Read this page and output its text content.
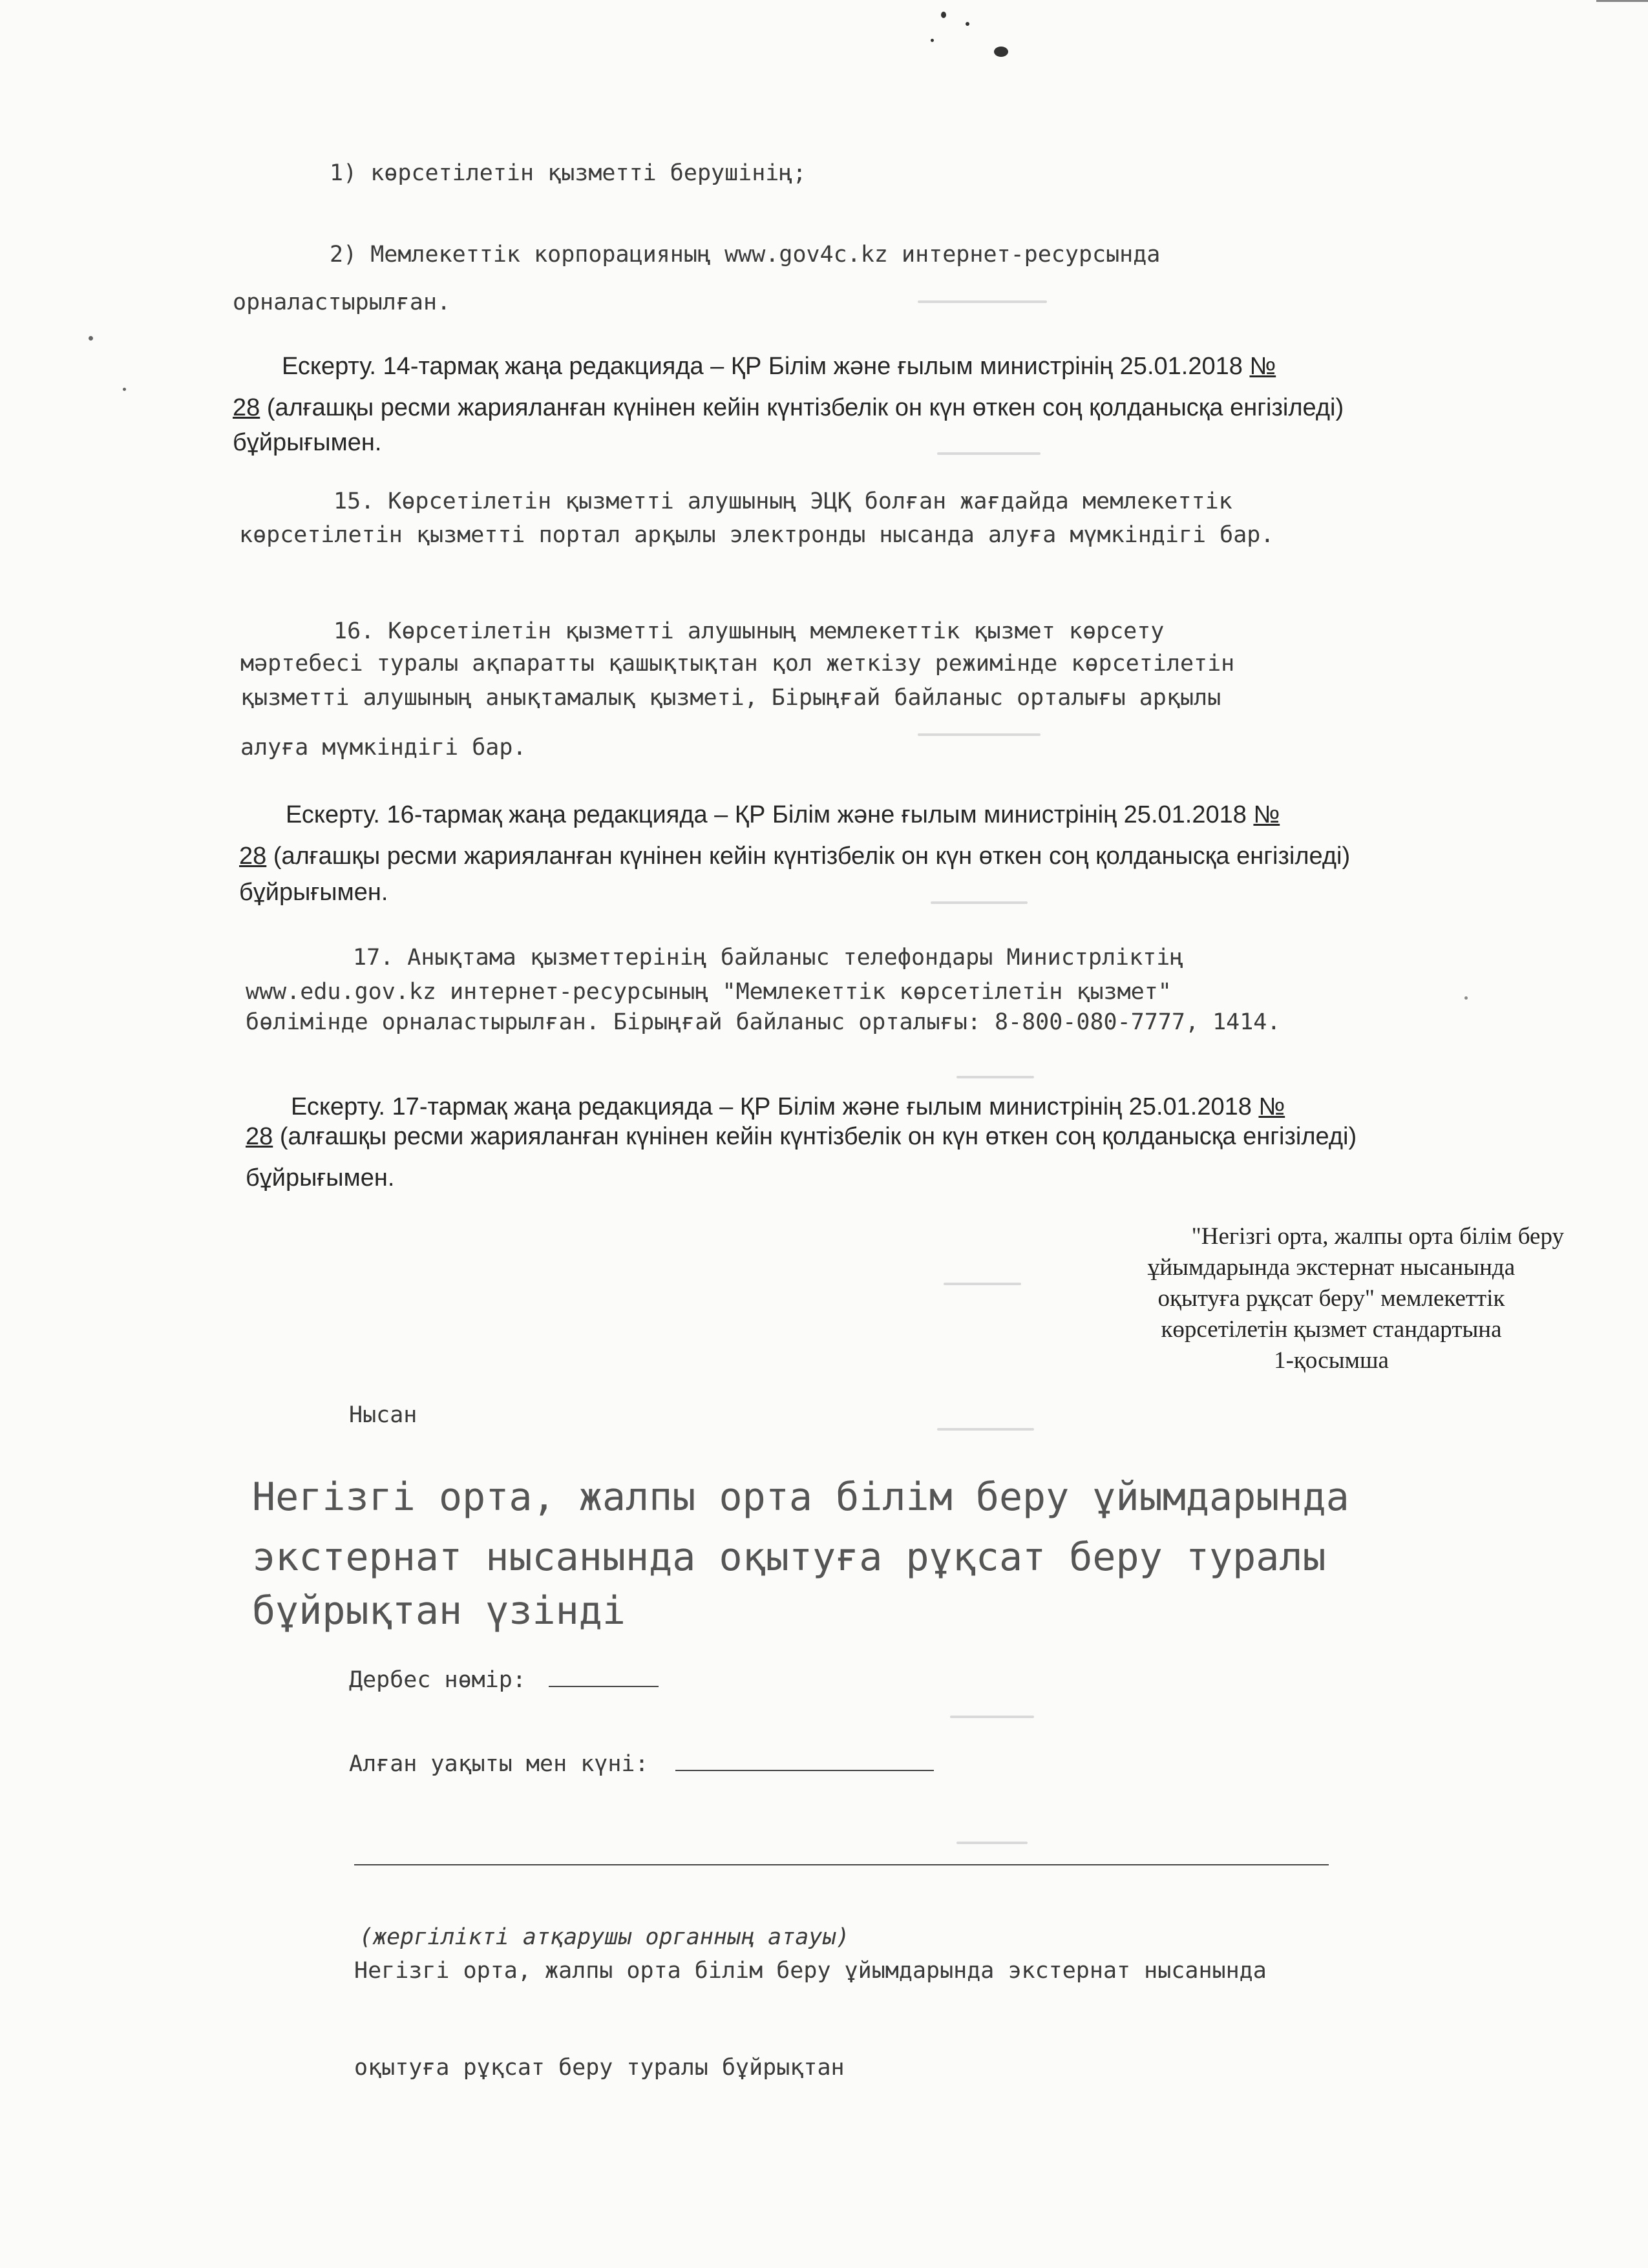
1) көрсетілетін қызметті берушінің;
2) Мемлекеттік корпорацияның www.gov4c.kz интернет-ресурсында
орналастырылған.
Ескерту. 14-тармақ жаңа редакцияда – ҚР Білім және ғылым министрінің 25.01.2018 №
28 (алғашқы ресми жарияланған күнінен кейін күнтізбелік он күн өткен соң қолданысқа енгізіледі)
бұйрығымен.
15. Көрсетілетін қызметті алушының ЭЦҚ болған жағдайда мемлекеттік
көрсетілетін қызметті портал арқылы электронды нысанда алуға мүмкіндігі бар.
16. Көрсетілетін қызметті алушының мемлекеттік қызмет көрсету
мәртебесі туралы ақпаратты қашықтықтан қол жеткізу режимінде көрсетілетін
қызметті алушының анықтамалық қызметі, Бірыңғай байланыс орталығы арқылы
алуға мүмкіндігі бар.
Ескерту. 16-тармақ жаңа редакцияда – ҚР Білім және ғылым министрінің 25.01.2018 №
28 (алғашқы ресми жарияланған күнінен кейін күнтізбелік он күн өткен соң қолданысқа енгізіледі)
бұйрығымен.
17. Анықтама қызметтерінің байланыс телефондары Министрліктің
www.edu.gov.kz интернет-ресурсының "Мемлекеттік көрсетілетін қызмет"
бөлімінде орналастырылған. Бірыңғай байланыс орталығы: 8-800-080-7777, 1414.
Ескерту. 17-тармақ жаңа редакцияда – ҚР Білім және ғылым министрінің 25.01.2018 №
28 (алғашқы ресми жарияланған күнінен кейін күнтізбелік он күн өткен соң қолданысқа енгізіледі)
бұйрығымен.
"Негізгі орта, жалпы орта білім беру
ұйымдарында экстернат нысанында
оқытуға рұқсат беру" мемлекеттік
көрсетілетін қызмет стандартына
1-қосымша
Нысан
Негізгі орта, жалпы орта білім беру ұйымдарында
экстернат нысанында оқытуға рұқсат беру туралы
бұйрықтан үзінді
Дербес нөмір:
Алған уақыты мен күні:
(жергілікті атқарушы органның атауы)
Негізгі орта, жалпы орта білім беру ұйымдарында экстернат нысанында
оқытуға рұқсат беру туралы бұйрықтан
